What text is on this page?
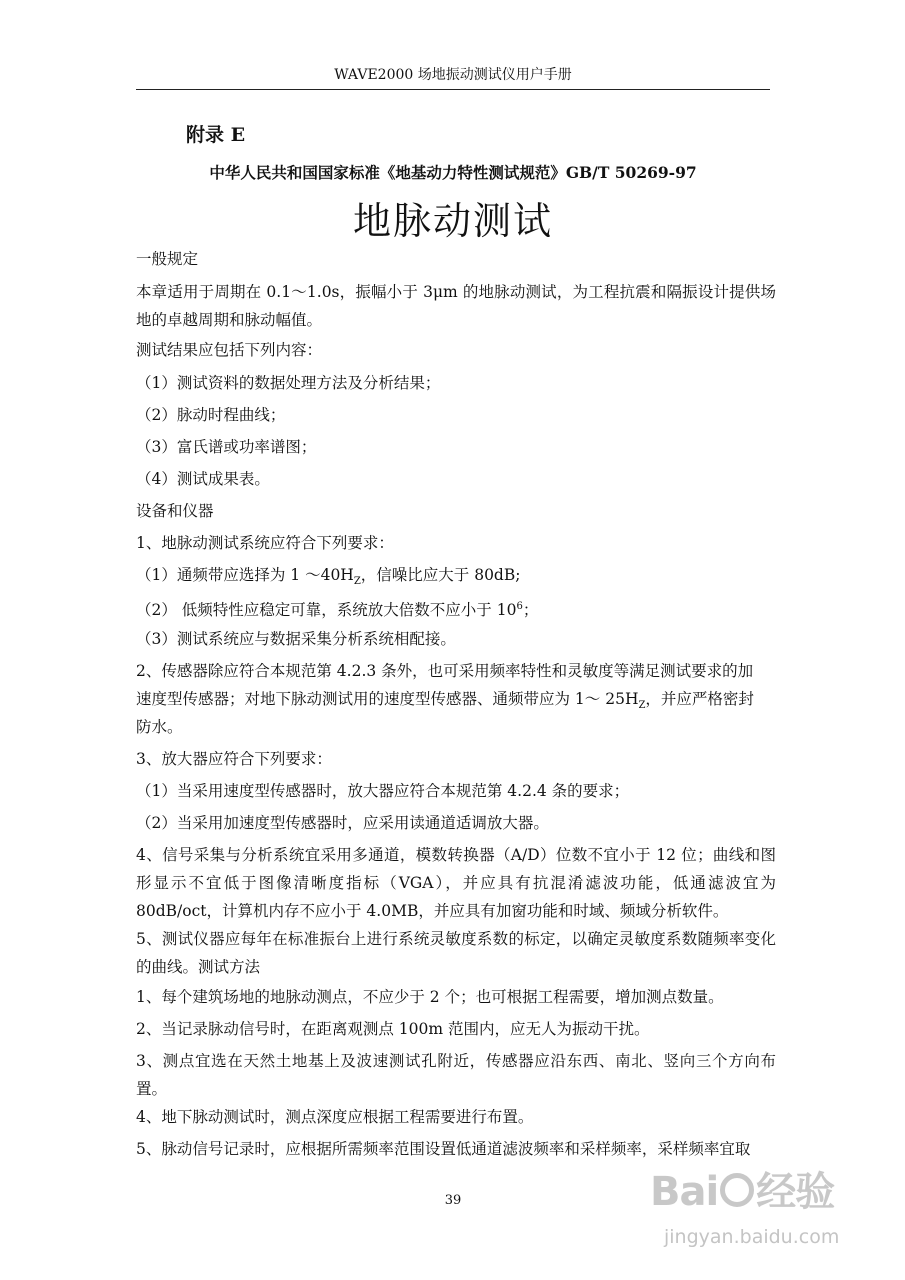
WAVE2000 场地振动测试仪用户手册
附录 E
中华人民共和国国家标准《地基动力特性测试规范》GB/T 50269-97
地脉动测试
一般规定
本章适用于周期在 0.1～1.0s，振幅小于 3μm 的地脉动测试，为工程抗震和隔振设计提供场地的卓越周期和脉动幅值。
测试结果应包括下列内容：
（1）测试资料的数据处理方法及分析结果；
（2）脉动时程曲线；
（3）富氏谱或功率谱图；
（4）测试成果表。
设备和仪器
1、地脉动测试系统应符合下列要求：
（1）通频带应选择为 1 $\sim 40H_Z$，信噪比应大于 80dB;
（2） 低频特性应稳定可靠，系统放大倍数不应小于 $10^6$；
（3）测试系统应与数据采集分析系统相配接。
2、传感器除应符合本规范第 4.2.3 条外，也可采用频率特性和灵敏度等满足测试要求的加
速度型传感器；对地下脉动测试用的速度型传感器、通频带应为 1～ $25H_Z$，并应严格密封
防水。
3、放大器应符合下列要求：
（1）当采用速度型传感器时，放大器应符合本规范第 4.2.4 条的要求；
（2）当采用加速度型传感器时，应采用读通道适调放大器。
4、信号采集与分析系统宜采用多通道，模数转换器（A/D）位数不宜小于 12 位；曲线和图形显示不宜低于图像清晰度指标（VGA），并应具有抗混淆滤波功能，低通滤波宜为 80dB/oct，计算机内存不应小于 4.0MB，并应具有加窗功能和时域、频域分析软件。
5、测试仪器应每年在标准振台上进行系统灵敏度系数的标定，以确定灵敏度系数随频率变化的曲线。测试方法
1、每个建筑场地的地脉动测点，不应少于 2 个；也可根据工程需要，增加测点数量。
2、当记录脉动信号时，在距离观测点 100m 范围内，应无人为振动干扰。
3、测点宜选在天然土地基上及波速测试孔附近，传感器应沿东西、南北、竖向三个方向布置。
4、地下脉动测试时，测点深度应根据工程需要进行布置。
5、脉动信号记录时，应根据所需频率范围设置低通道滤波频率和采样频率，采样频率宜取
39	Bai 经验
jingyan.baidu.com
